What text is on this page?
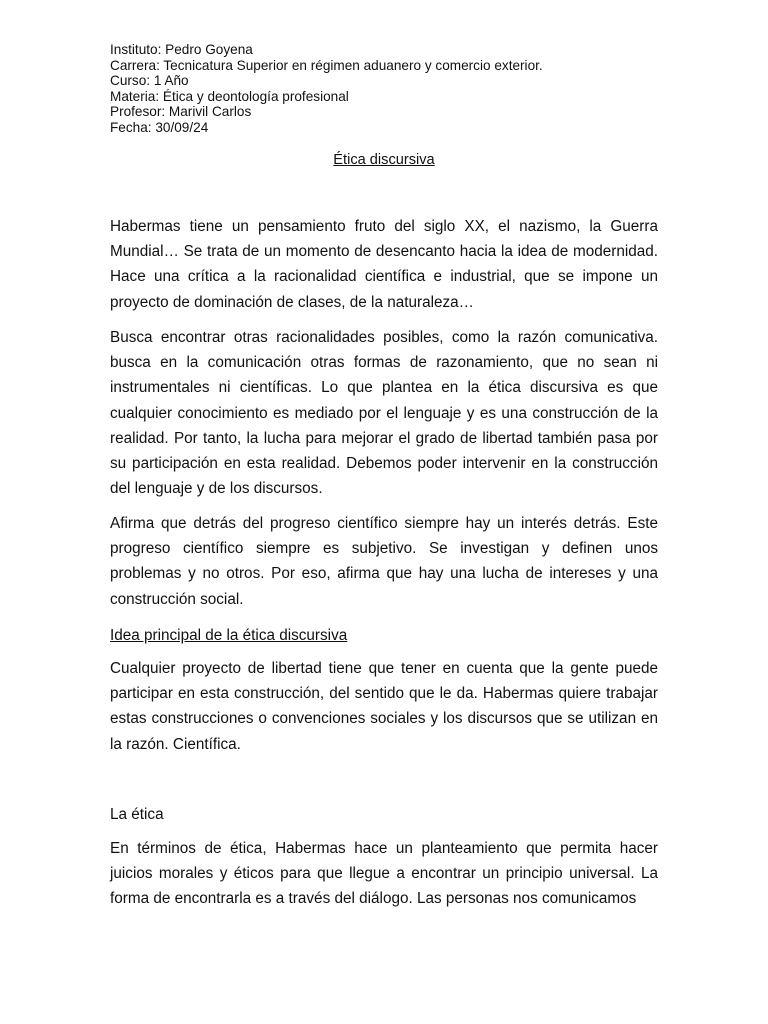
Instituto: Pedro Goyena
Carrera: Tecnicatura Superior en régimen aduanero y comercio exterior.
Curso: 1 Año
Materia: Ética y deontología profesional
Profesor: Marivil Carlos
Fecha: 30/09/24
Ética discursiva

Habermas tiene un pensamiento fruto del siglo XX, el nazismo, la Guerra Mundial… Se trata de un momento de desencanto hacia la idea de modernidad. Hace una crítica a la racionalidad científica e industrial, que se impone un proyecto de dominación de clases, de la naturaleza…

Busca encontrar otras racionalidades posibles, como la razón comunicativa. busca en la comunicación otras formas de razonamiento, que no sean ni instrumentales ni científicas. Lo que plantea en la ética discursiva es que cualquier conocimiento es mediado por el lenguaje y es una construcción de la realidad. Por tanto, la lucha para mejorar el grado de libertad también pasa por su participación en esta realidad. Debemos poder intervenir en la construcción del lenguaje y de los discursos.

Afirma que detrás del progreso científico siempre hay un interés detrás. Este progreso científico siempre es subjetivo. Se investigan y definen unos problemas y no otros. Por eso, afirma que hay una lucha de intereses y una construcción social.

Idea principal de la ética discursiva

Cualquier proyecto de libertad tiene que tener en cuenta que la gente puede participar en esta construcción, del sentido que le da. Habermas quiere trabajar estas construcciones o convenciones sociales y los discursos que se utilizan en la razón. Científica.

La ética

En términos de ética, Habermas hace un planteamiento que permita hacer juicios morales y éticos para que llegue a encontrar un principio universal. La forma de encontrarla es a través del diálogo. Las personas nos comunicamos
